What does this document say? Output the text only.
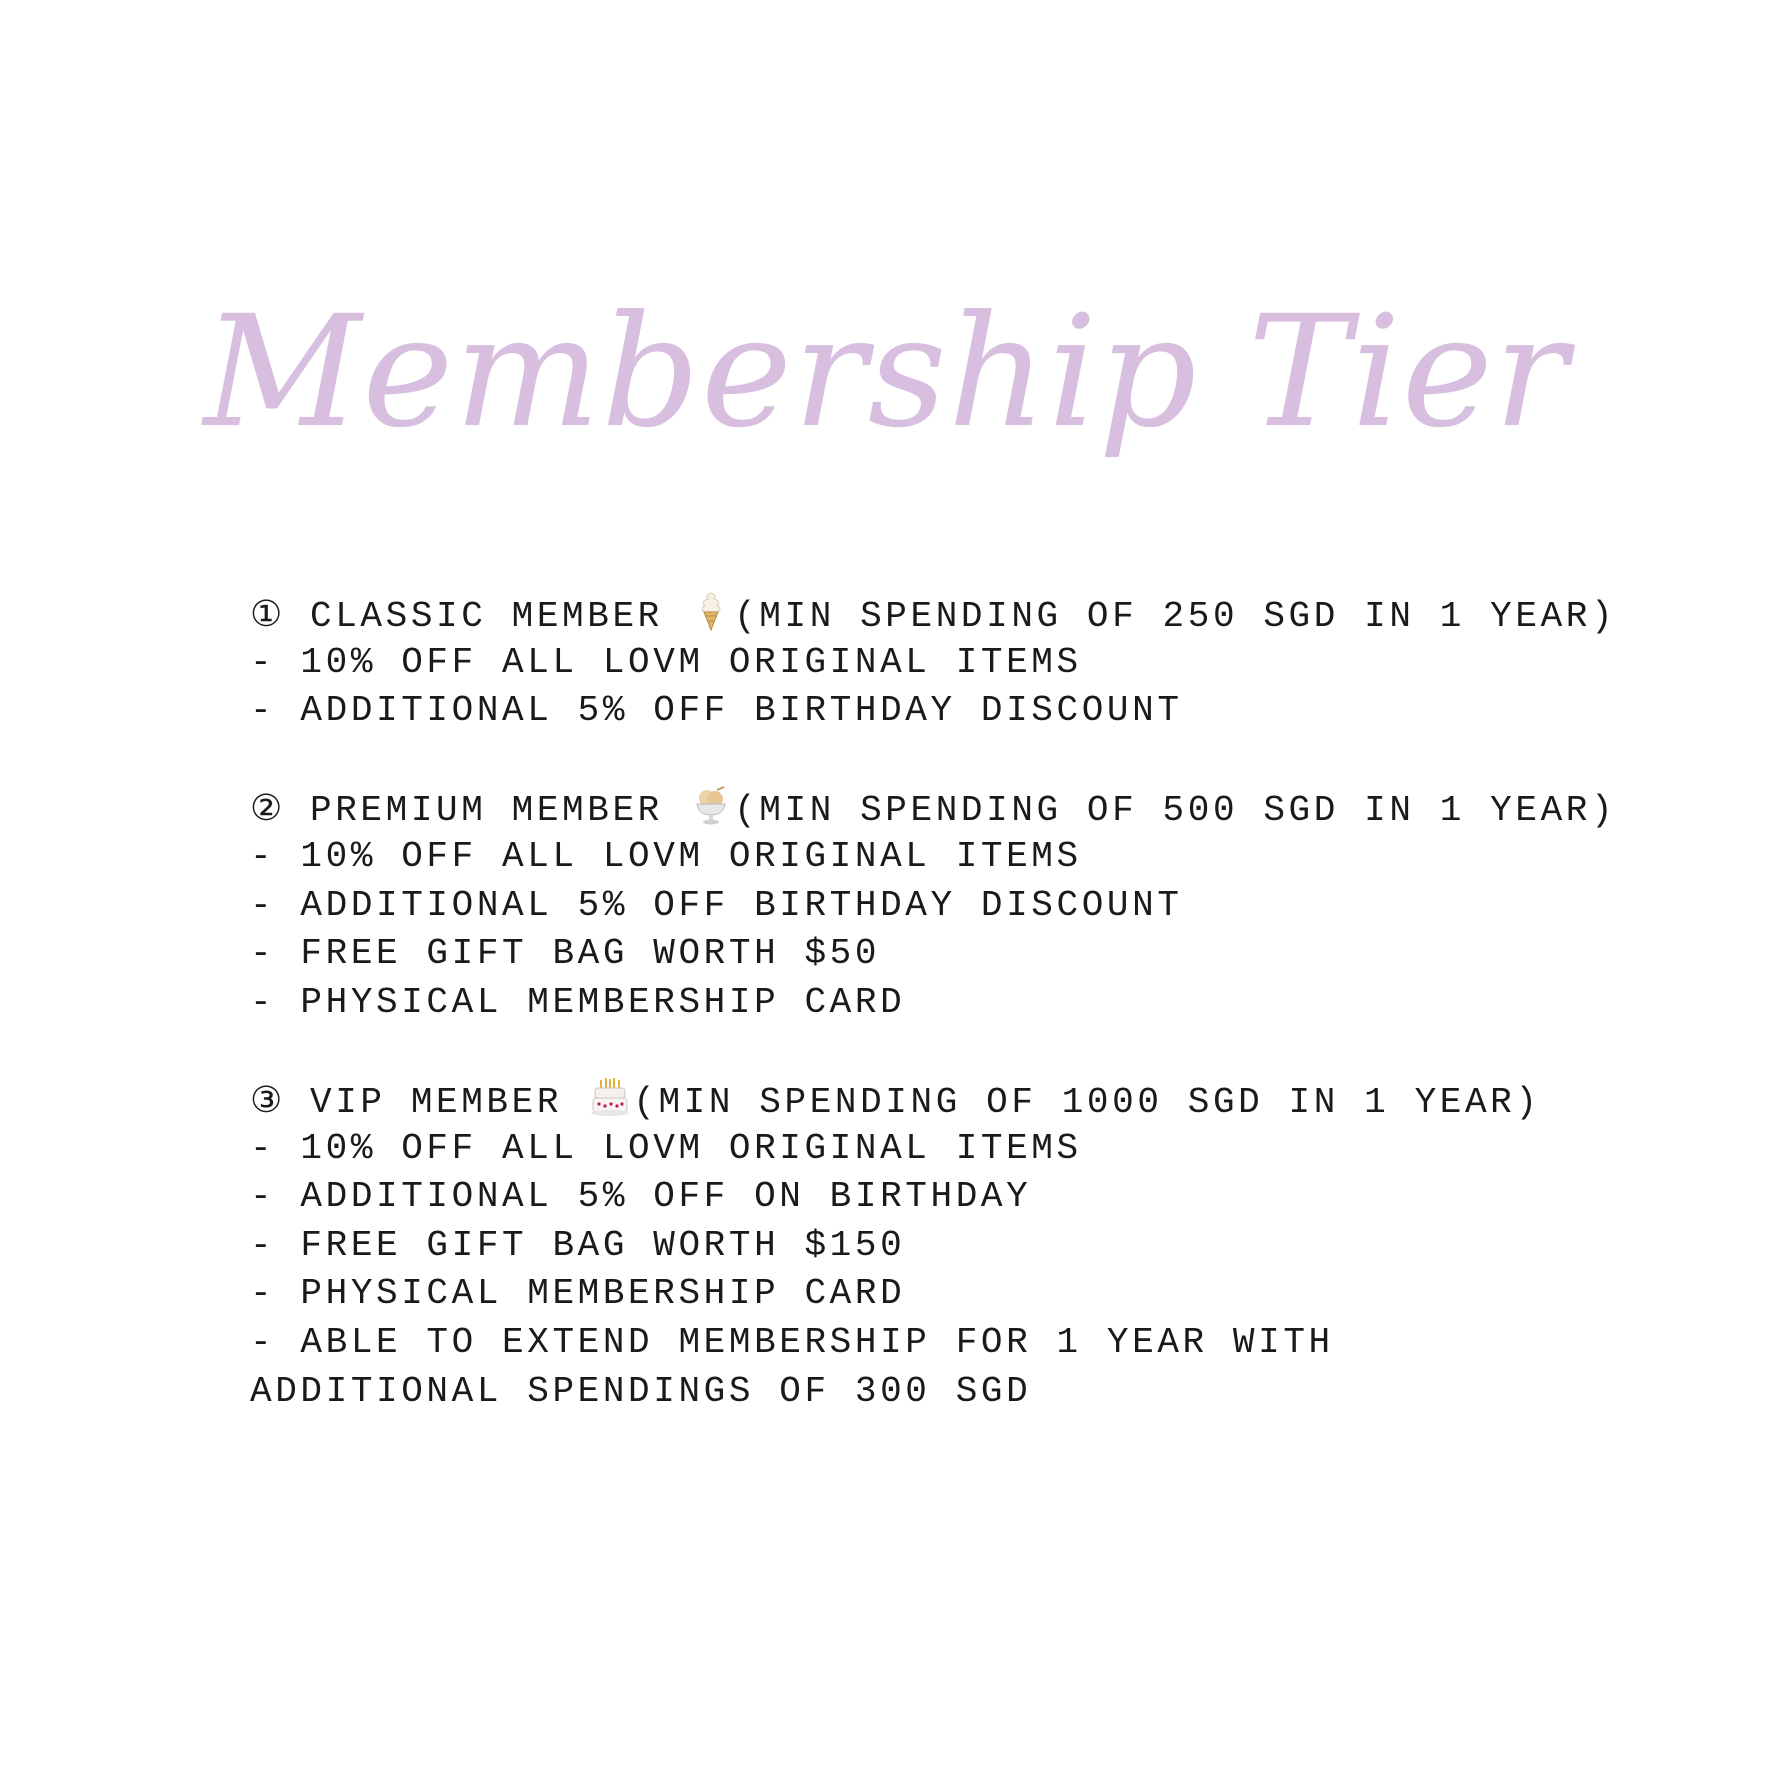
Membership Tier
① CLASSIC MEMBER (MIN SPENDING OF 250 SGD IN 1 YEAR)
- 10% OFF ALL LOVM ORIGINAL ITEMS
- ADDITIONAL 5% OFF BIRTHDAY DISCOUNT
② PREMIUM MEMBER (MIN SPENDING OF 500 SGD IN 1 YEAR)
- 10% OFF ALL LOVM ORIGINAL ITEMS
- ADDITIONAL 5% OFF BIRTHDAY DISCOUNT
- FREE GIFT BAG WORTH $50
- PHYSICAL MEMBERSHIP CARD
③ VIP MEMBER (MIN SPENDING OF 1000 SGD IN 1 YEAR)
- 10% OFF ALL LOVM ORIGINAL ITEMS
- ADDITIONAL 5% OFF ON BIRTHDAY
- FREE GIFT BAG WORTH $150
- PHYSICAL MEMBERSHIP CARD
- ABLE TO EXTEND MEMBERSHIP FOR 1 YEAR WITH ADDITIONAL SPENDINGS OF 300 SGD
